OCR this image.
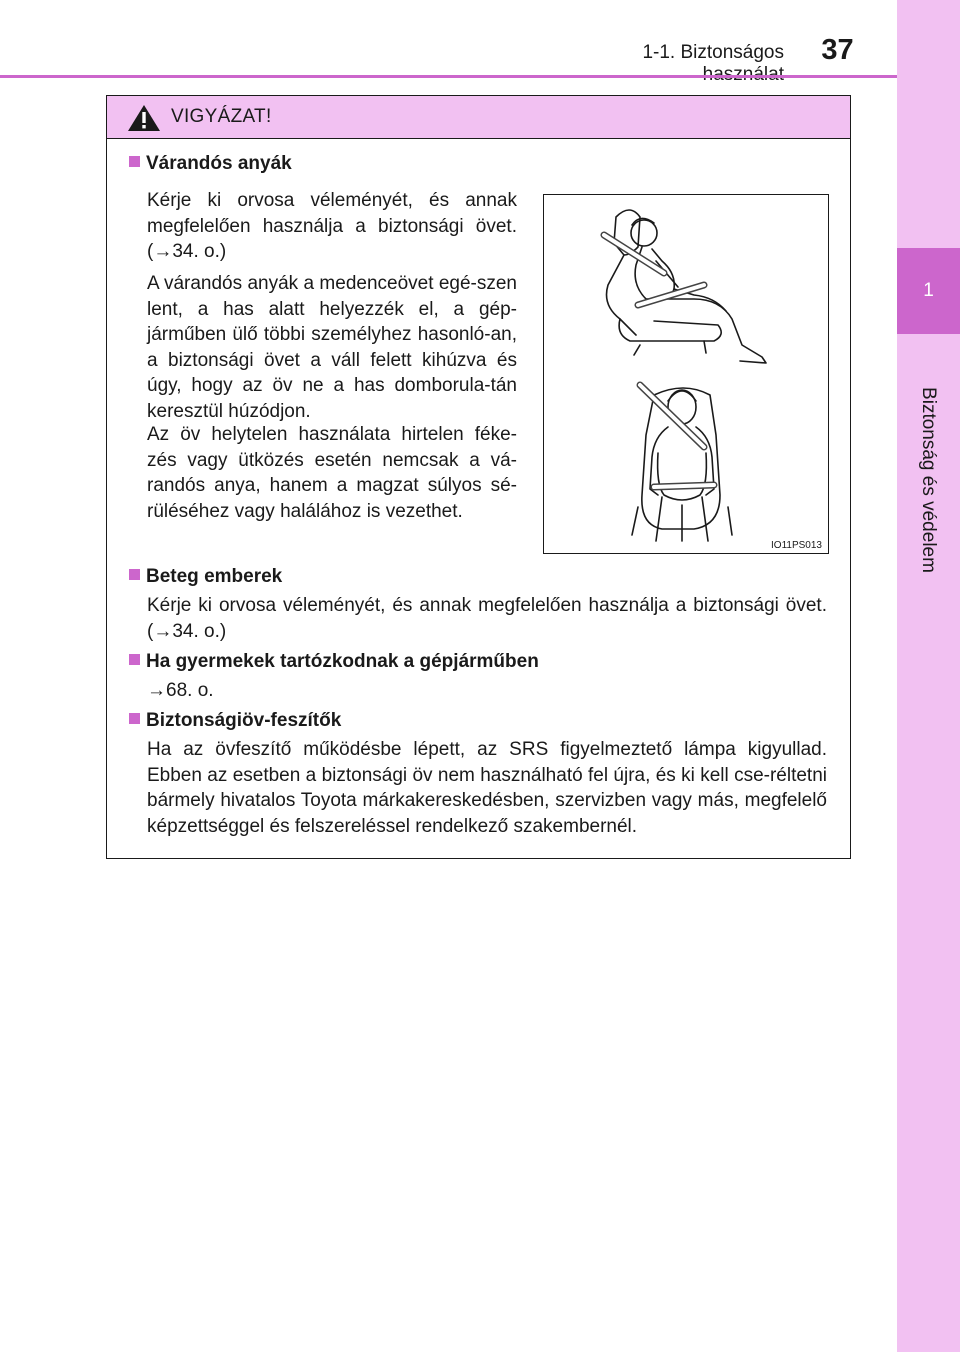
1-1. Biztonságos	37
1
Biztonság és védelem
VIGYÁZAT!
Várandós anyák
Kérje ki orvosa véleményét, és annak megfelelően használja a biztonsági övet. (→34. o.)
A várandós anyák a medenceövet egé-szen lent, a has alatt helyezzék el, a gép-járműben ülő többi személyhez hasonló-an, a biztonsági övet a váll felett kihúzva és úgy, hogy az öv ne a has domborula-tán keresztül húzódjon.
Az öv helytelen használata hirtelen féke-zés vagy ütközés esetén nemcsak a vá-randós anya, hanem a magzat súlyos sé-rüléséhez vagy halálához is vezethet.
IO11PS013
Beteg emberek
Kérje ki orvosa véleményét, és annak megfelelően használja a biztonsági övet. (→34. o.)
Ha gyermekek tartózkodnak a gépjárműben
→68. o.
Biztonságiöv-feszítők
Ha az övfeszítő működésbe lépett, az SRS figyelmeztető lámpa kigyullad. Ebben az esetben a biztonsági öv nem használható fel újra, és ki kell cse-réltetni bármely hivatalos Toyota márkakereskedésben, szervizben vagy más, megfelelő képzettséggel és felszereléssel rendelkező szakembernél.
